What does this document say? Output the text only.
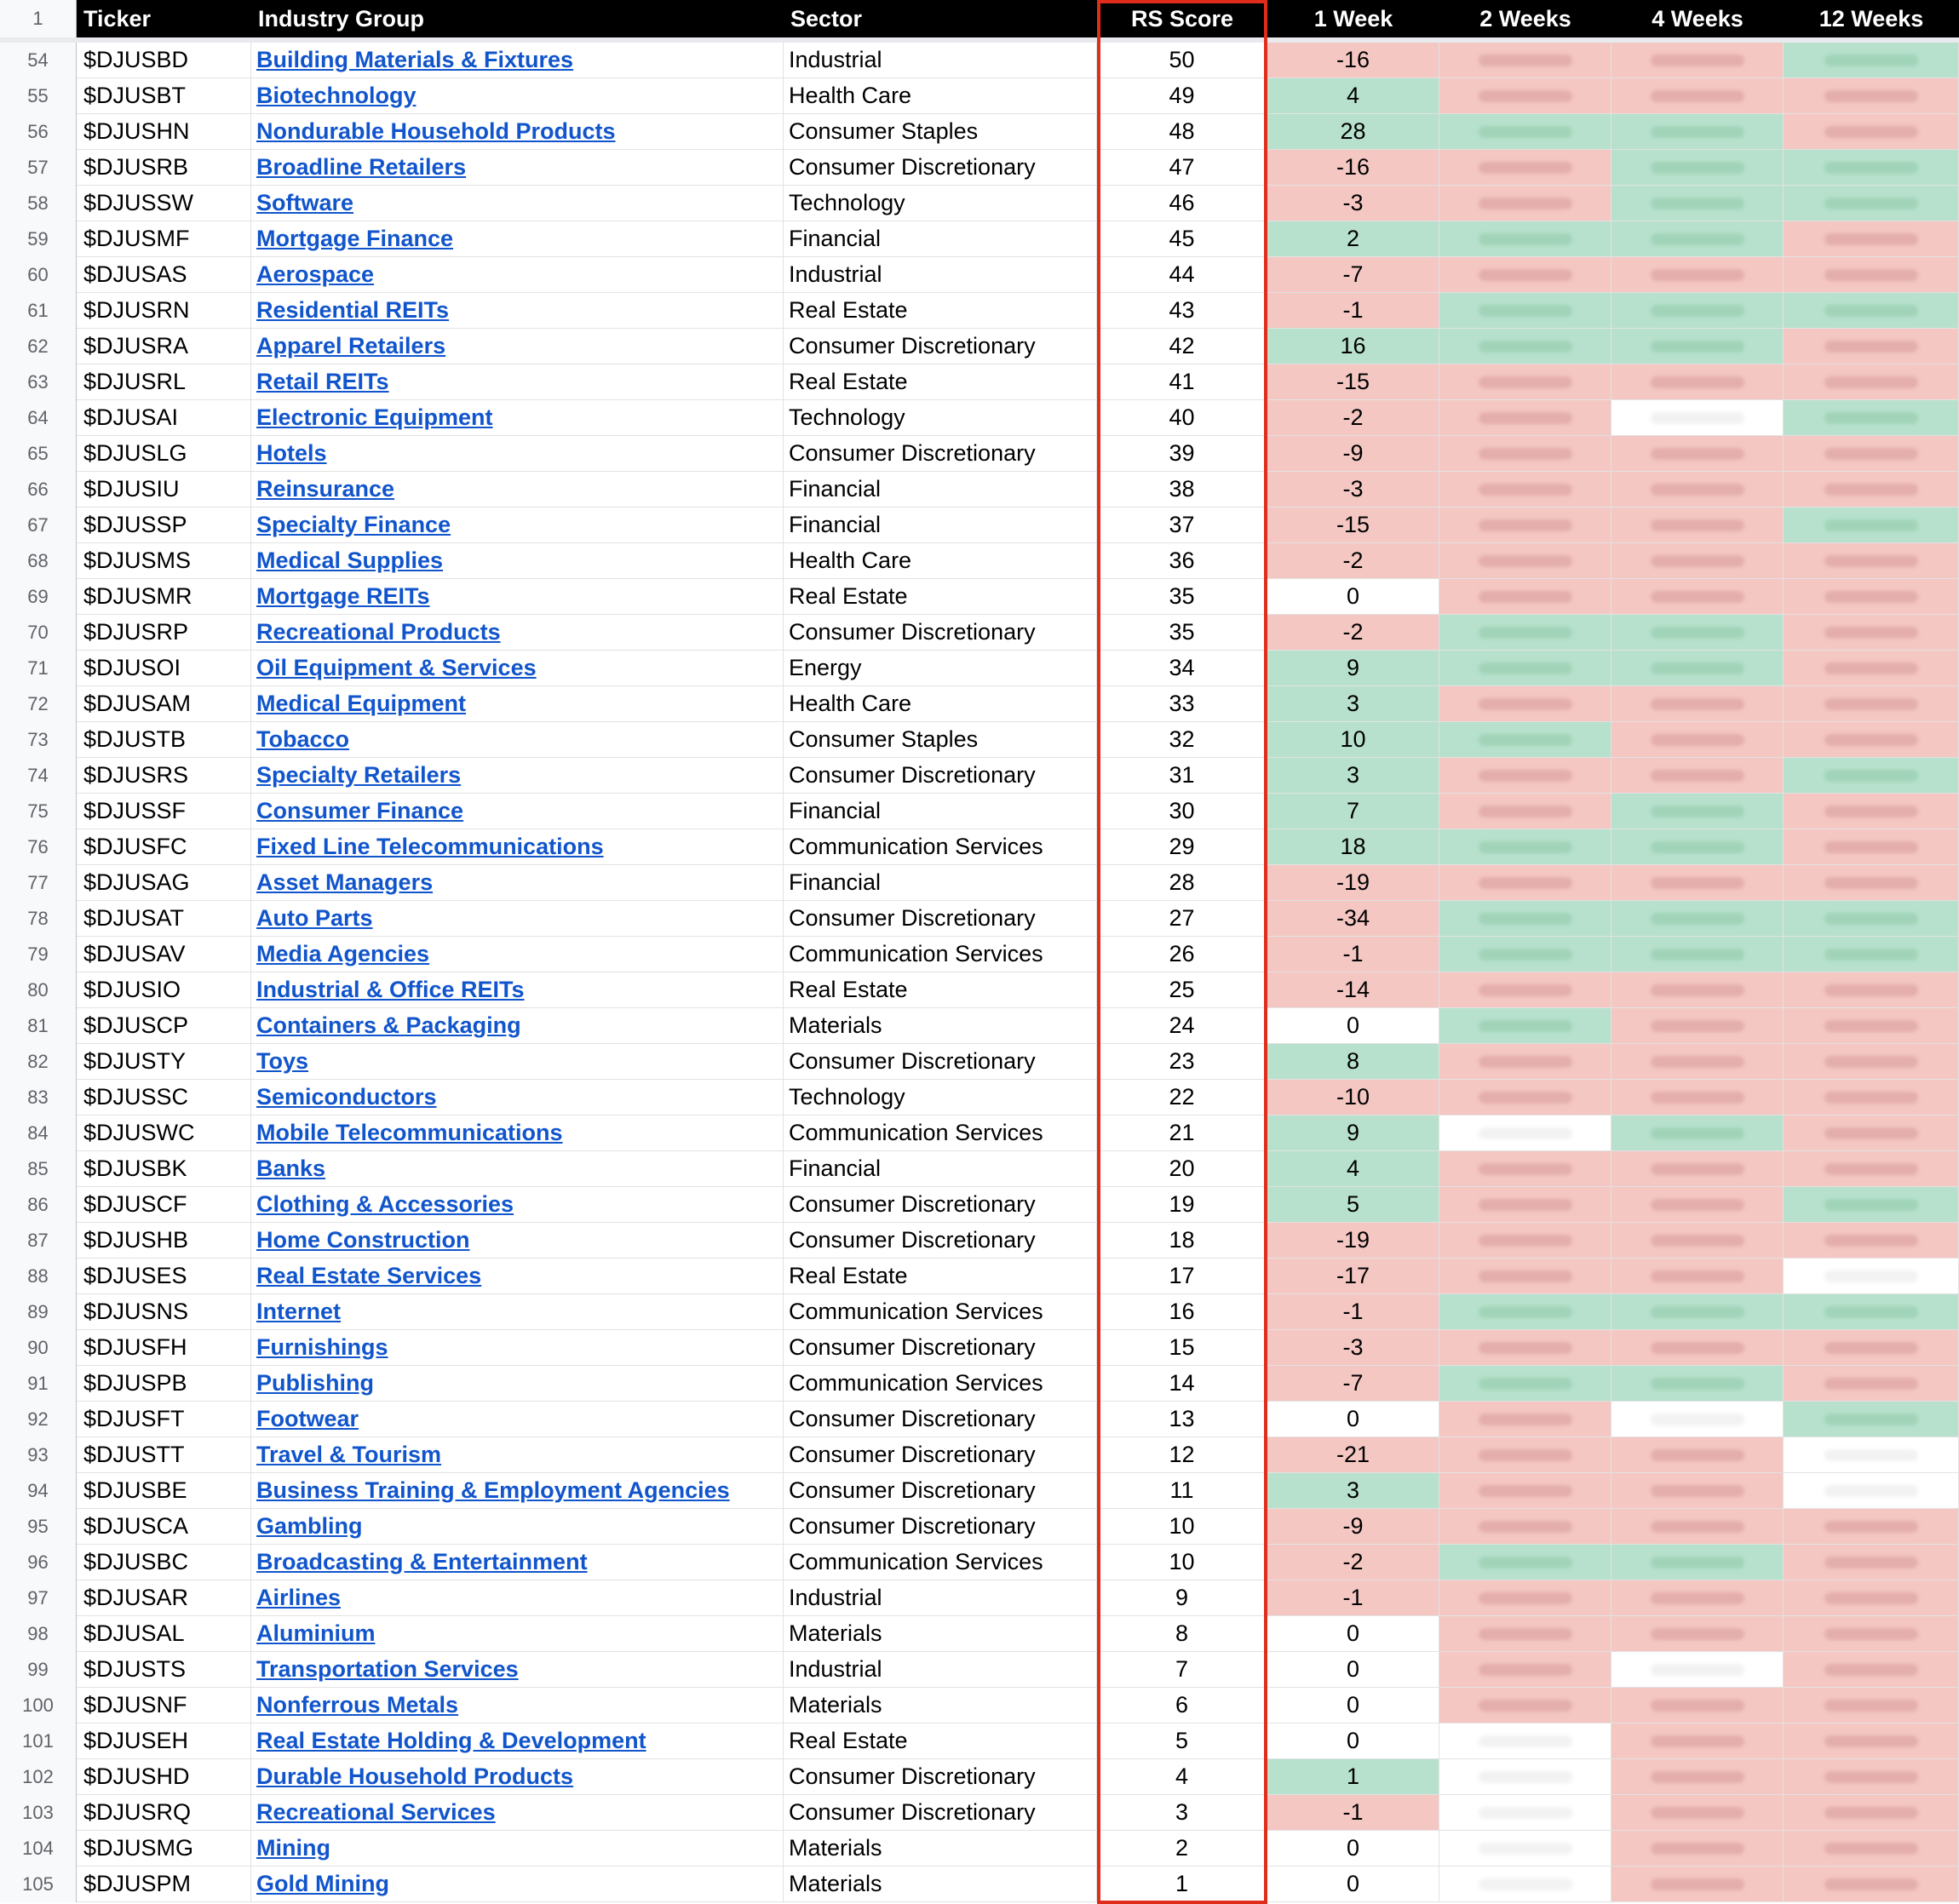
1	Ticker	Industry Group	Sector	RS Score	1 Week	2 Weeks	4 Weeks	12 Weeks
54	$DJUSBD	Building Materials & Fixtures	Industrial	50	-16
55	$DJUSBT	Biotechnology	Health Care	49	4
56	$DJUSHN	Nondurable Household Products	Consumer Staples	48	28
57	$DJUSRB	Broadline Retailers	Consumer Discretionary	47	-16
58	$DJUSSW	Software	Technology	46	-3
59	$DJUSMF	Mortgage Finance	Financial	45	2
60	$DJUSAS	Aerospace	Industrial	44	-7
61	$DJUSRN	Residential REITs	Real Estate	43	-1
62	$DJUSRA	Apparel Retailers	Consumer Discretionary	42	16
63	$DJUSRL	Retail REITs	Real Estate	41	-15
64	$DJUSAI	Electronic Equipment	Technology	40	-2
65	$DJUSLG	Hotels	Consumer Discretionary	39	-9
66	$DJUSIU	Reinsurance	Financial	38	-3
67	$DJUSSP	Specialty Finance	Financial	37	-15
68	$DJUSMS	Medical Supplies	Health Care	36	-2
69	$DJUSMR	Mortgage REITs	Real Estate	35	0
70	$DJUSRP	Recreational Products	Consumer Discretionary	35	-2
71	$DJUSOI	Oil Equipment & Services	Energy	34	9
72	$DJUSAM	Medical Equipment	Health Care	33	3
73	$DJUSTB	Tobacco	Consumer Staples	32	10
74	$DJUSRS	Specialty Retailers	Consumer Discretionary	31	3
75	$DJUSSF	Consumer Finance	Financial	30	7
76	$DJUSFC	Fixed Line Telecommunications	Communication Services	29	18
77	$DJUSAG	Asset Managers	Financial	28	-19
78	$DJUSAT	Auto Parts	Consumer Discretionary	27	-34
79	$DJUSAV	Media Agencies	Communication Services	26	-1
80	$DJUSIO	Industrial & Office REITs	Real Estate	25	-14
81	$DJUSCP	Containers & Packaging	Materials	24	0
82	$DJUSTY	Toys	Consumer Discretionary	23	8
83	$DJUSSC	Semiconductors	Technology	22	-10
84	$DJUSWC	Mobile Telecommunications	Communication Services	21	9
85	$DJUSBK	Banks	Financial	20	4
86	$DJUSCF	Clothing & Accessories	Consumer Discretionary	19	5
87	$DJUSHB	Home Construction	Consumer Discretionary	18	-19
88	$DJUSES	Real Estate Services	Real Estate	17	-17
89	$DJUSNS	Internet	Communication Services	16	-1
90	$DJUSFH	Furnishings	Consumer Discretionary	15	-3
91	$DJUSPB	Publishing	Communication Services	14	-7
92	$DJUSFT	Footwear	Consumer Discretionary	13	0
93	$DJUSTT	Travel & Tourism	Consumer Discretionary	12	-21
94	$DJUSBE	Business Training & Employment Agencies	Consumer Discretionary	11	3
95	$DJUSCA	Gambling	Consumer Discretionary	10	-9
96	$DJUSBC	Broadcasting & Entertainment	Communication Services	10	-2
97	$DJUSAR	Airlines	Industrial	9	-1
98	$DJUSAL	Aluminium	Materials	8	0
99	$DJUSTS	Transportation Services	Industrial	7	0
100	$DJUSNF	Nonferrous Metals	Materials	6	0
101	$DJUSEH	Real Estate Holding & Development	Real Estate	5	0
102	$DJUSHD	Durable Household Products	Consumer Discretionary	4	1
103	$DJUSRQ	Recreational Services	Consumer Discretionary	3	-1
104	$DJUSMG	Mining	Materials	2	0
105	$DJUSPM	Gold Mining	Materials	1	0
